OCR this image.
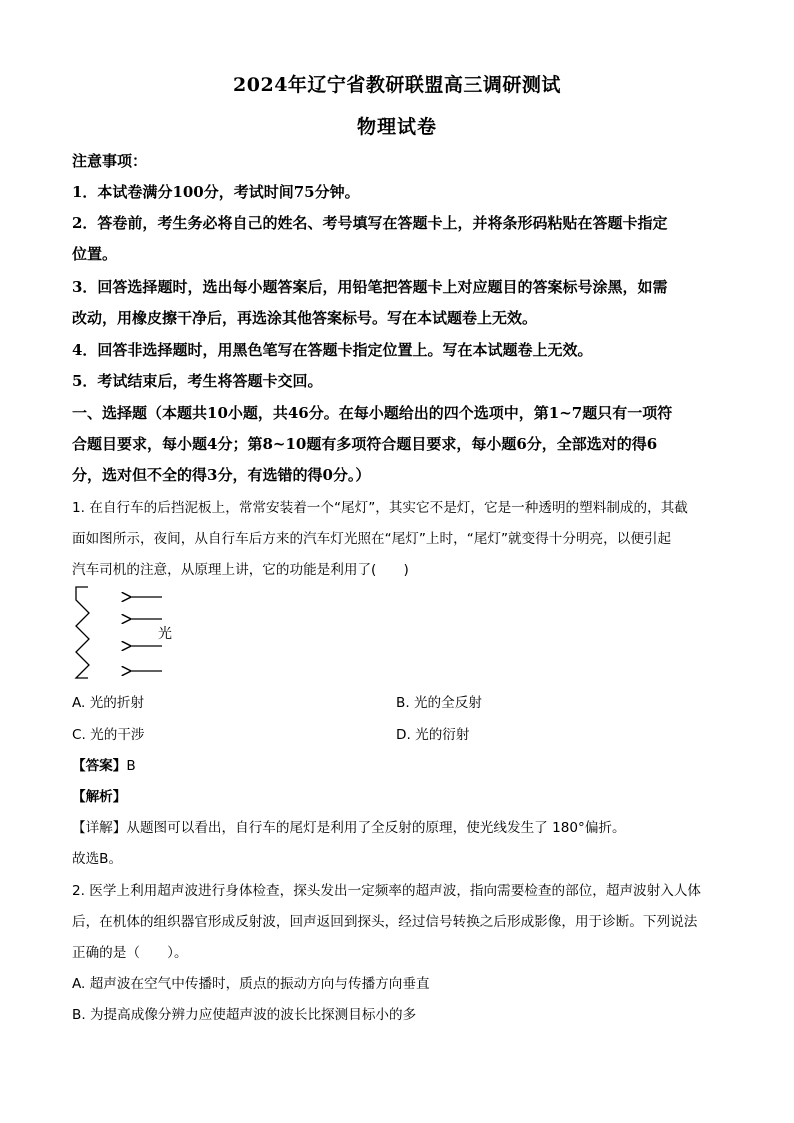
2024年辽宁省教研联盟高三调研测试
物理试卷
注意事项：
1．本试卷满分100分，考试时间75分钟。
2．答卷前，考生务必将自己的姓名、考号填写在答题卡上，并将条形码粘贴在答题卡指定
位置。
3．回答选择题时，选出每小题答案后，用铅笔把答题卡上对应题目的答案标号涂黑，如需
改动，用橡皮擦干净后，再选涂其他答案标号。写在本试题卷上无效。
4．回答非选择题时，用黑色笔写在答题卡指定位置上。写在本试题卷上无效。
5．考试结束后，考生将答题卡交回。
一、选择题（本题共10小题，共46分。在每小题给出的四个选项中，第1~7题只有一项符
合题目要求，每小题4分；第8~10题有多项符合题目要求，每小题6分，全部选对的得6
分，选对但不全的得3分，有选错的得0分。）
1. 在自行车的后挡泥板上，常常安装着一个“尾灯”，其实它不是灯，它是一种透明的塑料制成的，其截
面如图所示，夜间，从自行车后方来的汽车灯光照在“尾灯”上时，“尾灯”就变得十分明亮，以便引起
汽车司机的注意，从原理上讲，它的功能是利用了(　　)
光
A. 光的折射	B. 光的全反射
C. 光的干涉	D. 光的衍射
【答案】B
【解析】
【详解】从题图可以看出，自行车的尾灯是利用了全反射的原理，使光线发生了 180°偏折。
故选B。
2. 医学上利用超声波进行身体检查，探头发出一定频率的超声波，指向需要检查的部位，超声波射入人体
后，在机体的组织器官形成反射波，回声返回到探头，经过信号转换之后形成影像，用于诊断。下列说法
正确的是（　　）。
A. 超声波在空气中传播时，质点的振动方向与传播方向垂直
B. 为提高成像分辨力应使超声波的波长比探测目标小的多
